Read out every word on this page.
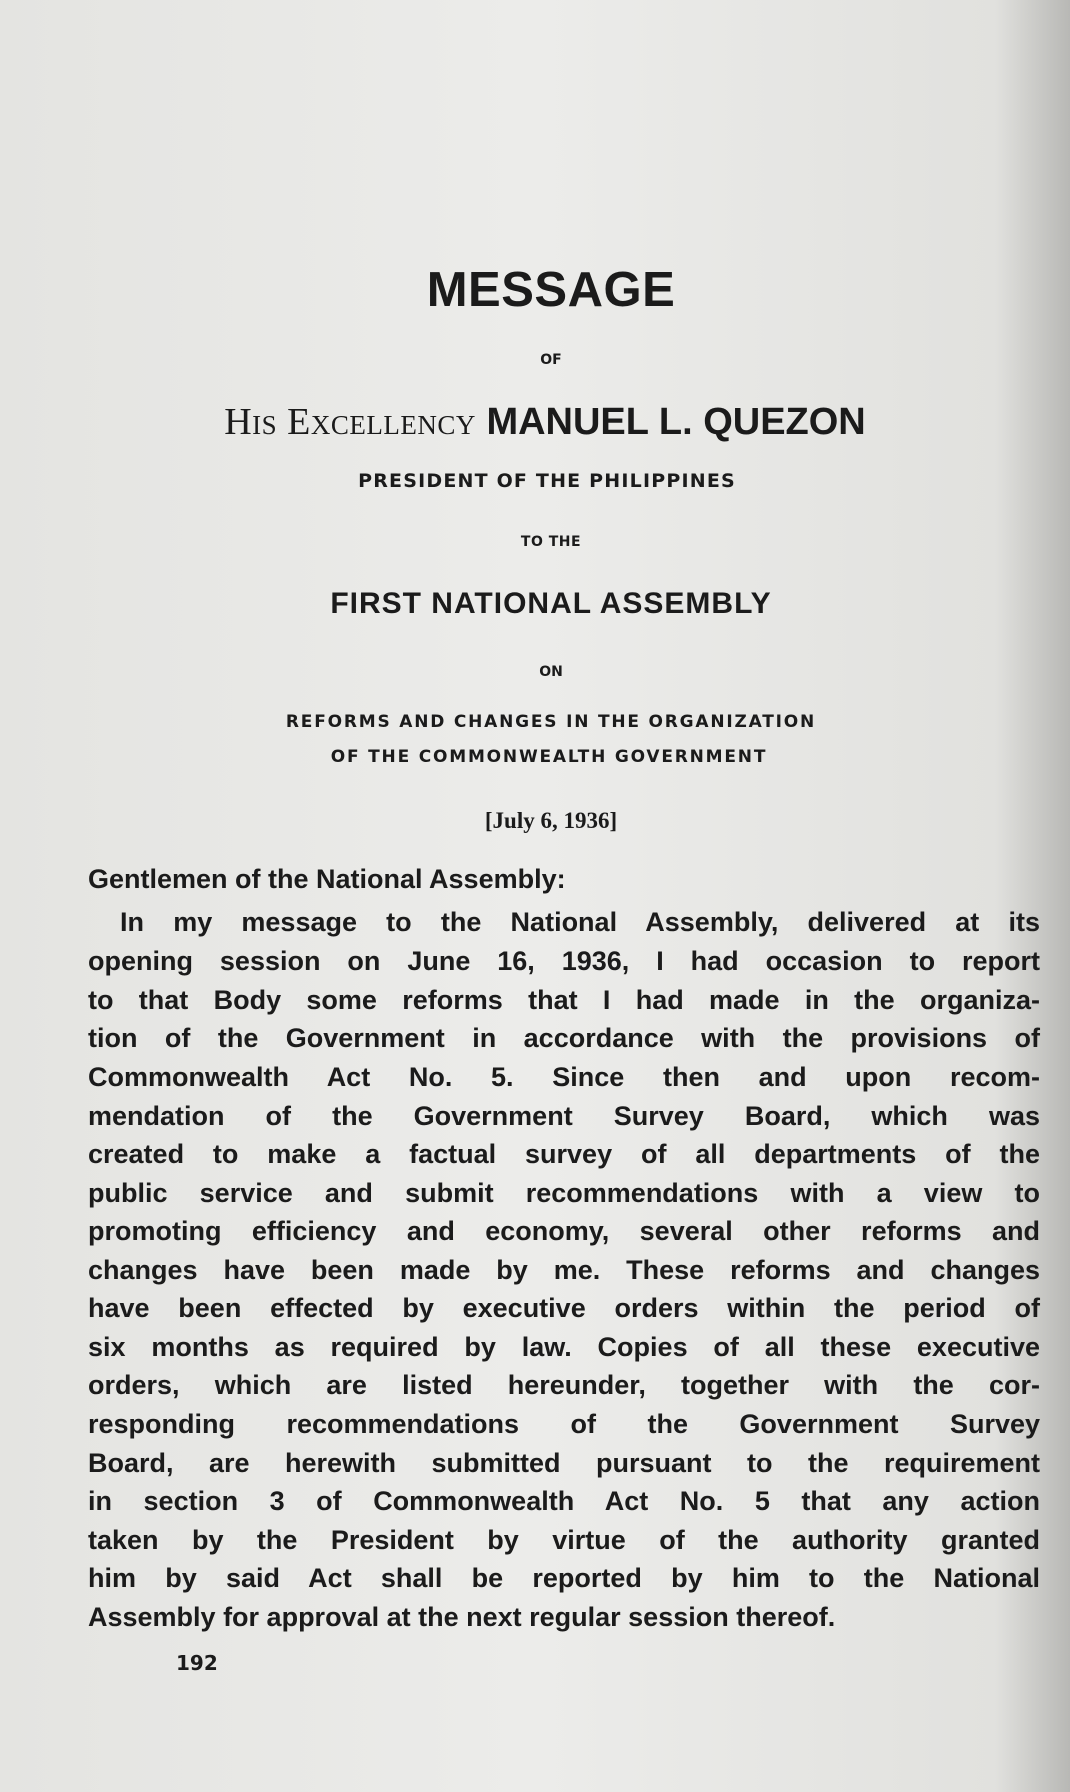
MESSAGE
OF
His Excellency MANUEL L. QUEZON
PRESIDENT OF THE PHILIPPINES
TO THE
FIRST NATIONAL ASSEMBLY
ON
REFORMS AND CHANGES IN THE ORGANIZATION
OF THE COMMONWEALTH GOVERNMENT
[July 6, 1936]

Gentlemen of the National Assembly:

In my message to the National Assembly, delivered at its

opening session on June 16, 1936, I had occasion to report

to that Body some reforms that I had made in the organiza-

tion of the Government in accordance with the provisions of

Commonwealth Act No. 5. Since then and upon recom-

mendation of the Government Survey Board, which was

created to make a factual survey of all departments of the

public service and submit recommendations with a view to

promoting efficiency and economy, several other reforms and

changes have been made by me. These reforms and changes

have been effected by executive orders within the period of

six months as required by law. Copies of all these executive

orders, which are listed hereunder, together with the cor-

responding recommendations of the Government Survey

Board, are herewith submitted pursuant to the requirement

in section 3 of Commonwealth Act No. 5 that any action

taken by the President by virtue of the authority granted

him by said Act shall be reported by him to the National

Assembly for approval at the next regular session thereof.

192
